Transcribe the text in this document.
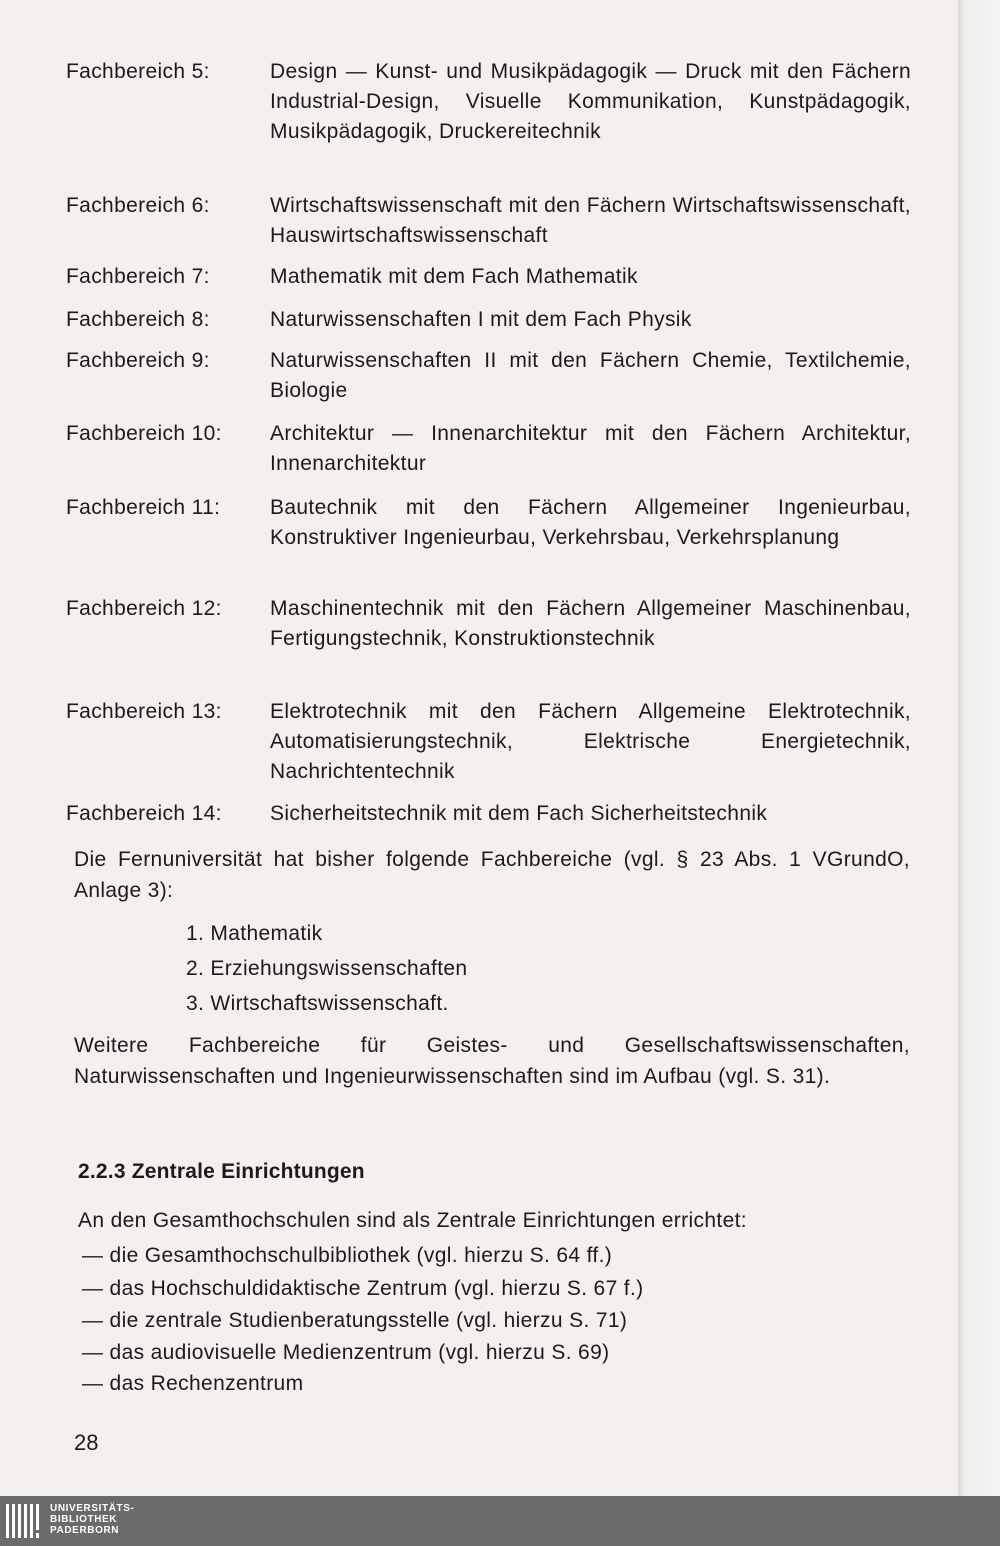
Fachbereich 5:	Design — Kunst- und Musikpädagogik — Druck mit den Fächern Industrial-Design, Visuelle Kommunikation, Kunstpädagogik, Musikpädagogik, Druckereitechnik
Fachbereich 6:	Wirtschaftswissenschaft mit den Fächern Wirtschaftswissenschaft, Hauswirtschaftswissenschaft
Fachbereich 7:	Mathematik mit dem Fach Mathematik
Fachbereich 8:	Naturwissenschaften I mit dem Fach Physik
Fachbereich 9:	Naturwissenschaften II mit den Fächern Chemie, Textilchemie, Biologie
Fachbereich 10: Architektur — Innenarchitektur mit den Fächern Architektur, Innenarchitektur
Fachbereich 11: Bautechnik mit den Fächern Allgemeiner Ingenieurbau, Konstruktiver Ingenieurbau, Verkehrsbau, Verkehrsplanung
Fachbereich 12: Maschinentechnik mit den Fächern Allgemeiner Maschinenbau, Fertigungstechnik, Konstruktionstechnik
Fachbereich 13: Elektrotechnik mit den Fächern Allgemeine Elektrotechnik, Automatisierungstechnik, Elektrische Energietechnik, Nachrichtentechnik
Fachbereich 14: Sicherheitstechnik mit dem Fach Sicherheitstechnik
Die Fernuniversität hat bisher folgende Fachbereiche (vgl. § 23 Abs. 1 VGrundO, Anlage 3):
1. Mathematik
2. Erziehungswissenschaften
3. Wirtschaftswissenschaft.
Weitere Fachbereiche für Geistes- und Gesellschaftswissenschaften, Naturwissenschaften und Ingenieurwissenschaften sind im Aufbau (vgl. S. 31).
2.2.3 Zentrale Einrichtungen
An den Gesamthochschulen sind als Zentrale Einrichtungen errichtet:
— die Gesamthochschulbibliothek (vgl. hierzu S. 64 ff.)
— das Hochschuldidaktische Zentrum (vgl. hierzu S. 67 f.)
— die zentrale Studienberatungsstelle (vgl. hierzu S. 71)
— das audiovisuelle Medienzentrum (vgl. hierzu S. 69)
— das Rechenzentrum
28
UNIVERSITÄTS-
BIBLIOTHEK
PADERBORN
